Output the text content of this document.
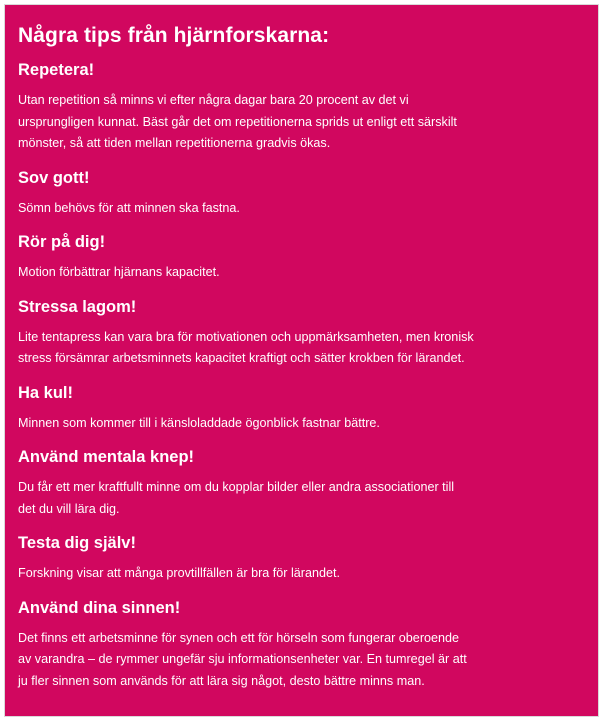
Några tips från hjärnforskarna:
Repetera!

Utan repetition så minns vi efter några dagar bara 20 procent av det vi
ursprungligen kunnat. Bäst går det om repetitionerna sprids ut enligt ett särskilt
mönster, så att tiden mellan repetitionerna gradvis ökas.

Sov gott!

Sömn behövs för att minnen ska fastna.

Rör på dig!

Motion förbättrar hjärnans kapacitet.

Stressa lagom!

Lite tentapress kan vara bra för motivationen och uppmärksamheten, men kronisk
stress försämrar arbetsminnets kapacitet kraftigt och sätter krokben för lärandet.

Ha kul!

Minnen som kommer till i känsloladdade ögonblick fastnar bättre.

Använd mentala knep!

Du får ett mer kraftfullt minne om du kopplar bilder eller andra associationer till
det du vill lära dig.

Testa dig själv!

Forskning visar att många provtillfällen är bra för lärandet.

Använd dina sinnen!

Det finns ett arbetsminne för synen och ett för hörseln som fungerar oberoende
av varandra – de rymmer ungefär sju informationsenheter var. En tumregel är att
ju fler sinnen som används för att lära sig något, desto bättre minns man.
